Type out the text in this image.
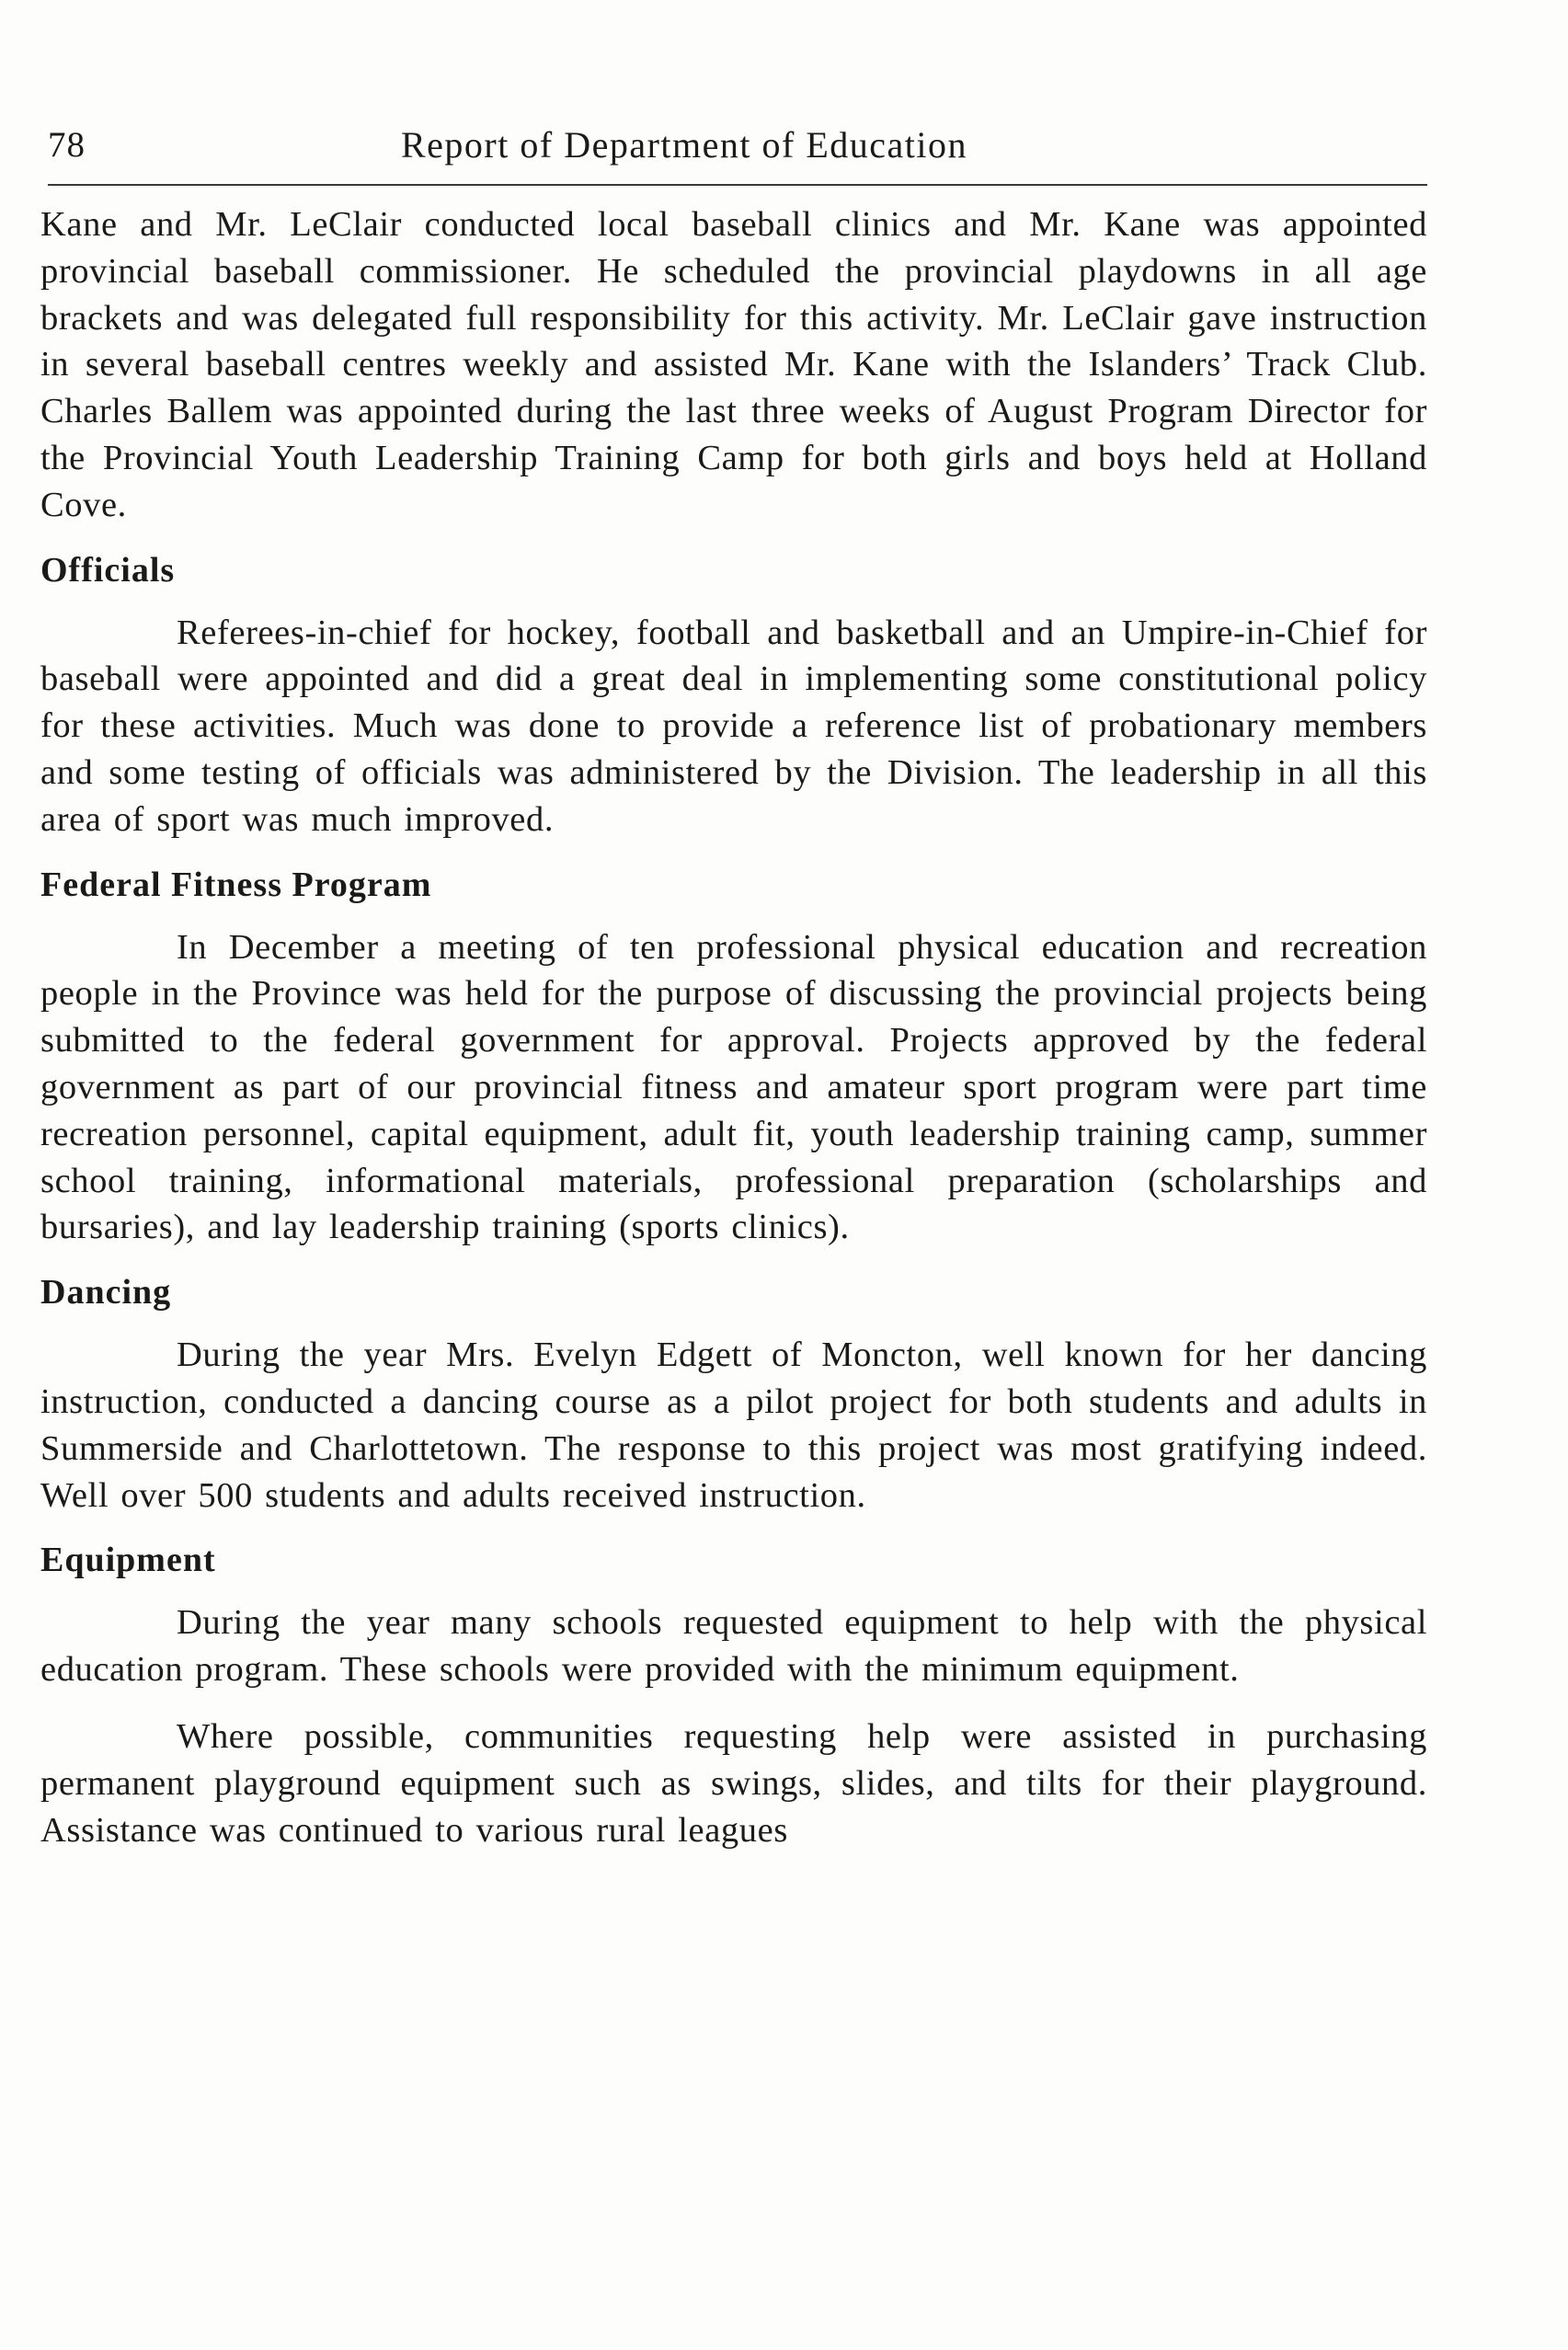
78	Report of Department of Education

Kane and Mr. LeClair conducted local baseball clinics and Mr. Kane was appointed provincial baseball commissioner. He scheduled the provincial playdowns in all age brackets and was delegated full responsibility for this activity. Mr. LeClair gave instruction in several baseball centres weekly and assisted Mr. Kane with the Islanders’ Track Club. Charles Ballem was appointed during the last three weeks of August Program Director for the Provincial Youth Leadership Training Camp for both girls and boys held at Holland Cove.

Officials

Referees-in-chief for hockey, football and basketball and an Umpire-in-Chief for baseball were appointed and did a great deal in implementing some constitutional policy for these activities. Much was done to provide a reference list of probationary members and some testing of officials was administered by the Division. The leadership in all this area of sport was much improved.

Federal Fitness Program

In December a meeting of ten professional physical education and recreation people in the Province was held for the purpose of discussing the provincial projects being submitted to the federal government for approval. Projects approved by the federal government as part of our provincial fitness and amateur sport program were part time recreation personnel, capital equipment, adult fit, youth leadership training camp, summer school training, informational materials, professional preparation (scholarships and bursaries), and lay leadership training (sports clinics).

Dancing

During the year Mrs. Evelyn Edgett of Moncton, well known for her dancing instruction, conducted a dancing course as a pilot project for both students and adults in Summerside and Charlottetown. The response to this project was most gratifying indeed. Well over 500 students and adults received instruction.

Equipment

During the year many schools requested equipment to help with the physical education program. These schools were provided with the minimum equipment.

Where possible, communities requesting help were assisted in purchasing permanent playground equipment such as swings, slides, and tilts for their playground. Assistance was continued to various rural leagues
